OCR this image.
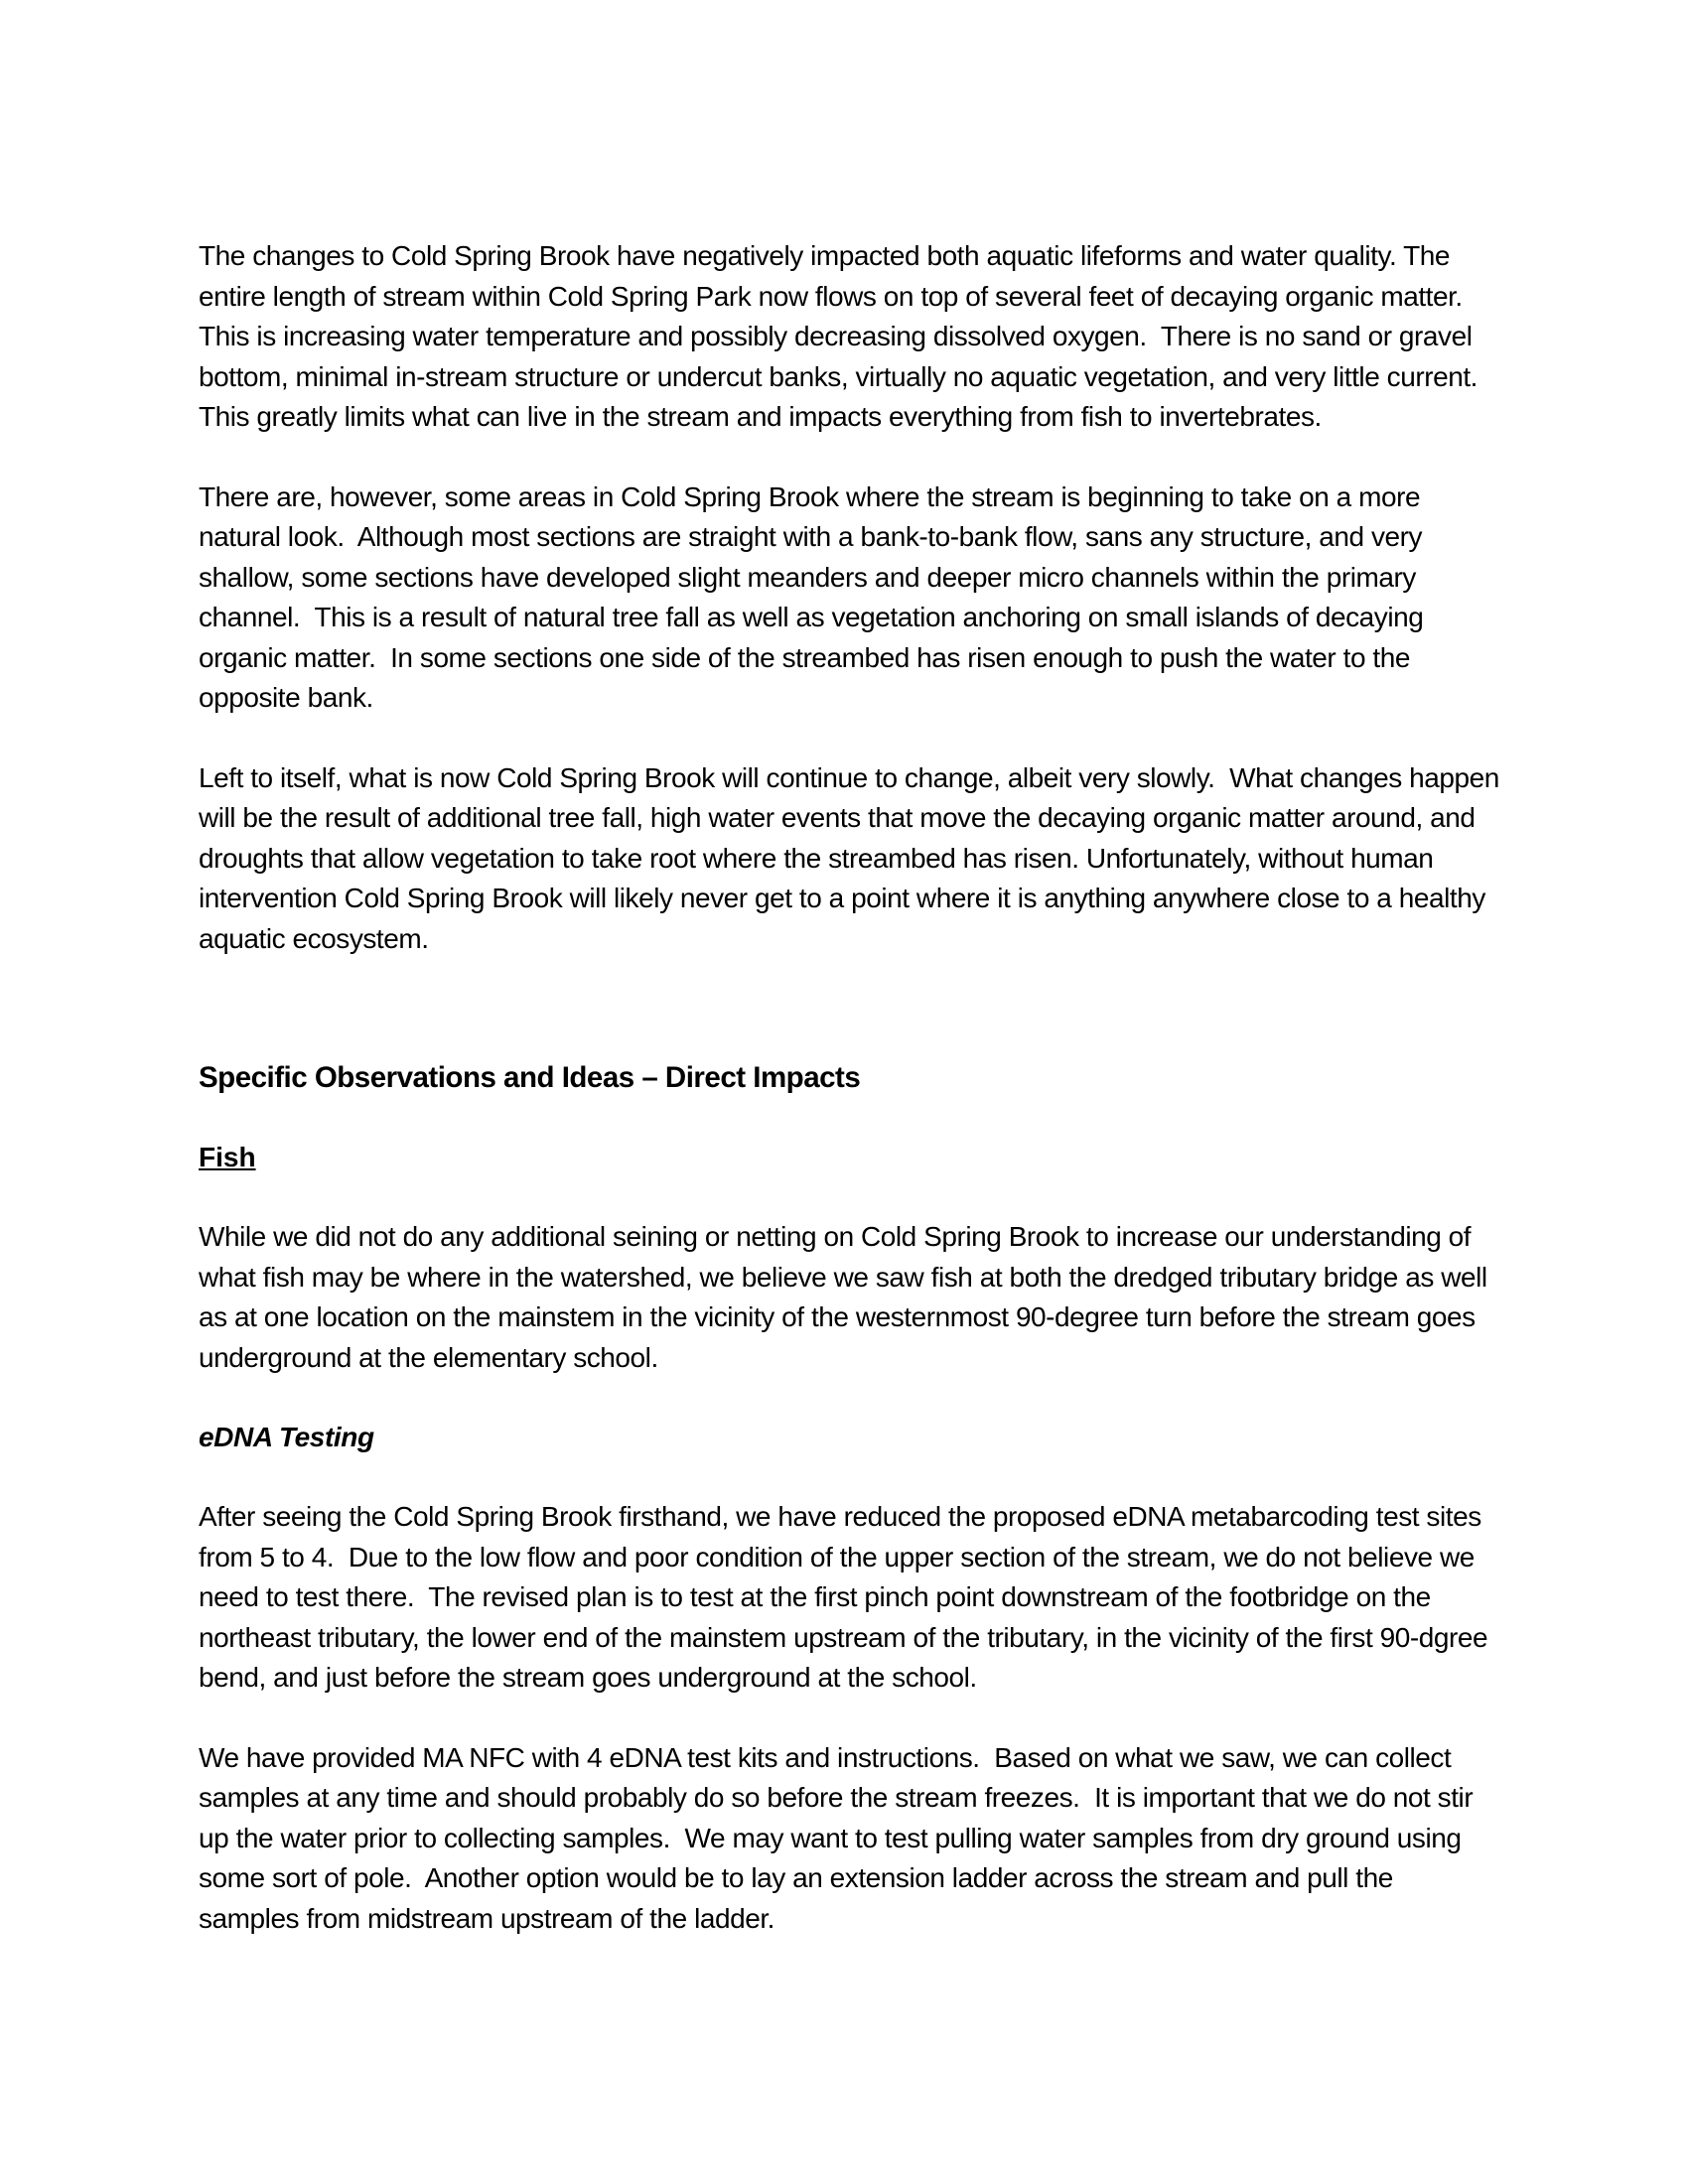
The changes to Cold Spring Brook have negatively impacted both aquatic lifeforms and water quality. The entire length of stream within Cold Spring Park now flows on top of several feet of decaying organic matter.  This is increasing water temperature and possibly decreasing dissolved oxygen.  There is no sand or gravel bottom, minimal in-stream structure or undercut banks, virtually no aquatic vegetation, and very little current.  This greatly limits what can live in the stream and impacts everything from fish to invertebrates.

There are, however, some areas in Cold Spring Brook where the stream is beginning to take on a more natural look.  Although most sections are straight with a bank-to-bank flow, sans any structure, and very shallow, some sections have developed slight meanders and deeper micro channels within the primary channel.  This is a result of natural tree fall as well as vegetation anchoring on small islands of decaying organic matter.  In some sections one side of the streambed has risen enough to push the water to the opposite bank.

Left to itself, what is now Cold Spring Brook will continue to change, albeit very slowly.  What changes happen will be the result of additional tree fall, high water events that move the decaying organic matter around, and droughts that allow vegetation to take root where the streambed has risen. Unfortunately, without human intervention Cold Spring Brook will likely never get to a point where it is anything anywhere close to a healthy aquatic ecosystem.

Specific Observations and Ideas – Direct Impacts
Fish

While we did not do any additional seining or netting on Cold Spring Brook to increase our understanding of what fish may be where in the watershed, we believe we saw fish at both the dredged tributary bridge as well as at one location on the mainstem in the vicinity of the westernmost 90-degree turn before the stream goes underground at the elementary school.

eDNA Testing

After seeing the Cold Spring Brook firsthand, we have reduced the proposed eDNA metabarcoding test sites from 5 to 4.  Due to the low flow and poor condition of the upper section of the stream, we do not believe we need to test there.  The revised plan is to test at the first pinch point downstream of the footbridge on the northeast tributary, the lower end of the mainstem upstream of the tributary, in the vicinity of the first 90-dgree bend, and just before the stream goes underground at the school.

We have provided MA NFC with 4 eDNA test kits and instructions.  Based on what we saw, we can collect samples at any time and should probably do so before the stream freezes.  It is important that we do not stir up the water prior to collecting samples.  We may want to test pulling water samples from dry ground using some sort of pole.  Another option would be to lay an extension ladder across the stream and pull the samples from midstream upstream of the ladder.
